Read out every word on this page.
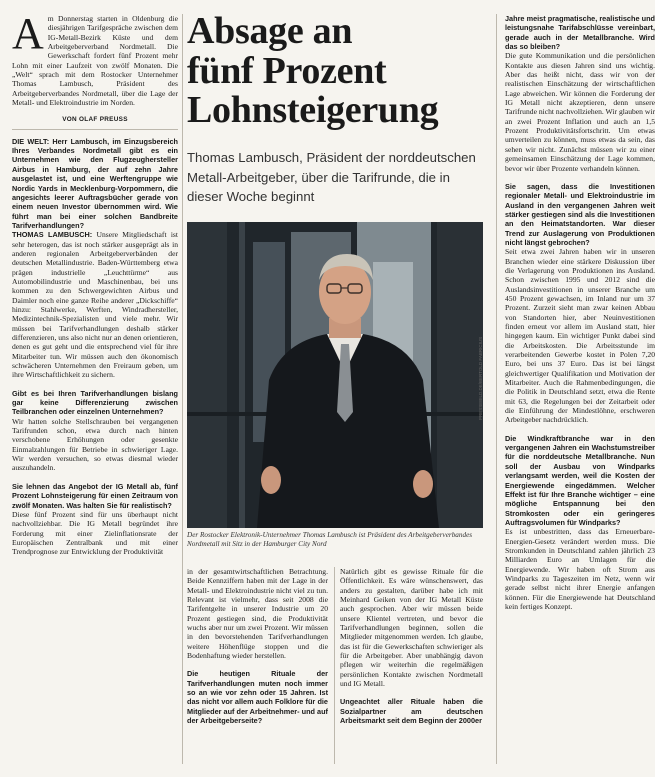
Absage an
fünf Prozent
Lohnsteigerung
Thomas Lambusch, Präsident der norddeutschen Metall-Arbeitgeber, über die Tarifrunde, die in dieser Woche beginnt
A m Donnerstag starten in Oldenburg die diesjährigen Tarifgespräche zwischen dem IG-Metall-Bezirk Küste und dem Arbeitgeberverband Nordmetall. Die Gewerkschaft fordert fünf Prozent mehr Lohn mit einer Laufzeit von zwölf Monaten. Die „Welt“ sprach mit dem Rostocker Unternehmer Thomas Lambusch, Präsident des Arbeitgeberverbandes Nordmetall, über die Lage der Metall- und Elektroindustrie im Norden.

VON OLAF PREUSS

DIE WELT: Herr Lambusch, im Einzugsbereich Ihres Verbandes Nordmetall gibt es ein Unternehmen wie den Flugzeughersteller Airbus in Hamburg, der auf zehn Jahre ausgelastet ist, und eine Werftengruppe wie Nordic Yards in Mecklenburg-Vorpommern, die angesichts leerer Auftragsbücher gerade von einem neuen Investor übernommen wird. Wie führt man bei einer solchen Bandbreite Tarifverhandlungen?

THOMAS LAMBUSCH: Unsere Mitgliedschaft ist sehr heterogen, das ist noch stärker ausgeprägt als in anderen regionalen Arbeitgeberverbänden der deutschen Metallindustrie. Baden-Württemberg etwa prägen industrielle „Leuchttürme“ aus Automobilindustrie und Maschinenbau, bei uns kommen zu den Schwergewichten Airbus und Daimler noch eine ganze Reihe anderer „Dickschiffe“ hinzu: Stahlwerke, Werften, Windradhersteller, Medizintechnik-Spezialisten und viele mehr. Wir müssen bei Tarifverhandlungen deshalb stärker differenzieren, uns also nicht nur an denen orientieren, denen es gut geht und die entsprechend viel für ihre Mitarbeiter tun. Wir müssen auch den ökonomisch schwächeren Unternehmen den Freiraum geben, um ihre Wirtschaftlichkeit zu sichern.

Gibt es bei Ihren Tarifverhandlungen bislang gar keine Differenzierung zwischen Teilbranchen oder einzelnen Unternehmen?

Wir hatten solche Stellschrauben bei vergangenen Tarifrunden schon, etwa durch nach hinten verschobene Erhöhungen oder gesenkte Einmalzahlungen für Betriebe in schwieriger Lage. Wir werden versuchen, so etwas diesmal wieder auszuhandeln.

Sie lehnen das Angebot der IG Metall ab, fünf Prozent Lohnsteigerung für einen Zeitraum von zwölf Monaten. Was halten Sie für realistisch?

Diese fünf Prozent sind für uns überhaupt nicht nachvollziehbar. Die IG Metall begründet ihre Forderung mit einer Zielinflationsrate der Europäischen Zentralbank und mit einer Trendprognose zur Entwicklung der Produktivität

PRESSEBILD.DE/BERTOLD FABRICIUS
Der Rostocker Elektronik-Unternehmer Thomas Lambusch ist Präsident des Arbeitgeberverbandes Nordmetall mit Sitz in der Hamburger City Nord

in der gesamtwirtschaftlichen Betrachtung. Beide Kennziffern haben mit der Lage in der Metall- und Elektroindustrie nicht viel zu tun. Relevant ist vielmehr, dass seit 2008 die Tarifentgelte in unserer Industrie um 20 Prozent gestiegen sind, die Produktivität wuchs aber nur um zwei Prozent. Wir müssen in den bevorstehenden Tarifverhandlungen weitere Höhenflüge stoppen und die Bodenhaftung wieder herstellen.

Die heutigen Rituale der Tarifverhandlungen muten noch immer so an wie vor zehn oder 15 Jahren. Ist das nicht vor allem auch Folklore für die Mitglieder auf der Arbeitnehmer- und auf der Arbeitgeberseite?

Natürlich gibt es gewisse Rituale für die Öffentlichkeit. Es wäre wünschenswert, das anders zu gestalten, darüber habe ich mit Meinhard Geiken von der IG Metall Küste auch gesprochen. Aber wir müssen beide unsere Klientel vertreten, und bevor die Tarifverhandlungen beginnen, sollen die Mitglieder mitgenommen werden. Ich glaube, das ist für die Gewerkschaften schwieriger als für die Arbeitgeber. Aber unabhängig davon pflegen wir weiterhin die regelmäßigen persönlichen Kontakte zwischen Nordmetall und IG Metall.

Ungeachtet aller Rituale haben die Sozialpartner am deutschen Arbeitsmarkt seit dem Beginn der 2000er

Jahre meist pragmatische, realistische und leistungsnahe Tarifabschlüsse vereinbart, gerade auch in der Metallbranche. Wird das so bleiben?

Die gute Kommunikation und die persönlichen Kontakte aus diesen Jahren sind uns wichtig. Aber das heißt nicht, dass wir von der realistischen Einschätzung der wirtschaftlichen Lage abweichen. Wir können die Forderung der IG Metall nicht akzeptieren, denn unsere Tarifrunde nicht nachvollziehen. Wir glauben wir an zwei Prozent Inflation und auch an 1,5 Prozent Produktivitätsfortschritt. Um etwas umverteilen zu können, muss etwas da sein, das sehen wir nicht. Zunächst müssen wir zu einer gemeinsamen Einschätzung der Lage kommen, bevor wir über Prozente verhandeln können.

Sie sagen, dass die Investitionen regionaler Metall- und Elektroindustrie im Ausland in den vergangenen Jahren weit stärker gestiegen sind als die Investitionen an den Heimatstandorten. War dieser Trend zur Auslagerung von Produktionen nicht längst gebrochen?

Seit etwa zwei Jahren haben wir in unseren Branchen wieder eine stärkere Diskussion über die Verlagerung von Produktionen ins Ausland. Schon zwischen 1995 und 2012 sind die Auslandsinvestitionen in unserer Branche um 450 Prozent gewachsen, im Inland nur um 37 Prozent. Zurzeit sieht man zwar keinen Abbau von Standorten hier, aber Neuinvestitionen finden erneut vor allem im Ausland statt, hier hingegen kaum. Ein wichtiger Punkt dabei sind die Arbeitskosten. Die Arbeitsstunde im verarbeitenden Gewerbe kostet in Polen 7,20 Euro, bei uns 37 Euro. Das ist bei längst gleichwertiger Qualifikation und Motivation der Mitarbeiter. Auch die Rahmenbedingungen, die die Politik in Deutschland setzt, etwa die Rente mit 63, die Regelungen bei der Zeitarbeit oder die Einführung der Mindestlöhne, erschweren Arbeitgeber nachdrücklich.

Die Windkraftbranche war in den vergangenen Jahren ein Wachstumstreiber für die norddeutsche Metallbranche. Nun soll der Ausbau von Windparks verlangsamt werden, weil die Kosten der Energiewende eingedämmen. Welcher Effekt ist für Ihre Branche wichtiger – eine mögliche Entspannung bei den Stromkosten oder ein geringeres Auftragsvolumen für Windparks?

Es ist unbestritten, dass das Erneuerbare-Energien-Gesetz verändert werden muss. Die Stromkunden in Deutschland zahlen jährlich 23 Milliarden Euro an Umlagen für die Energiewende. Wir haben oft Strom aus Windparks zu Tageszeiten im Netz, wenn wir gerade selbst nicht ihrer Energie anfangen können. Für die Energiewende hat Deutschland kein fertiges Konzept.
